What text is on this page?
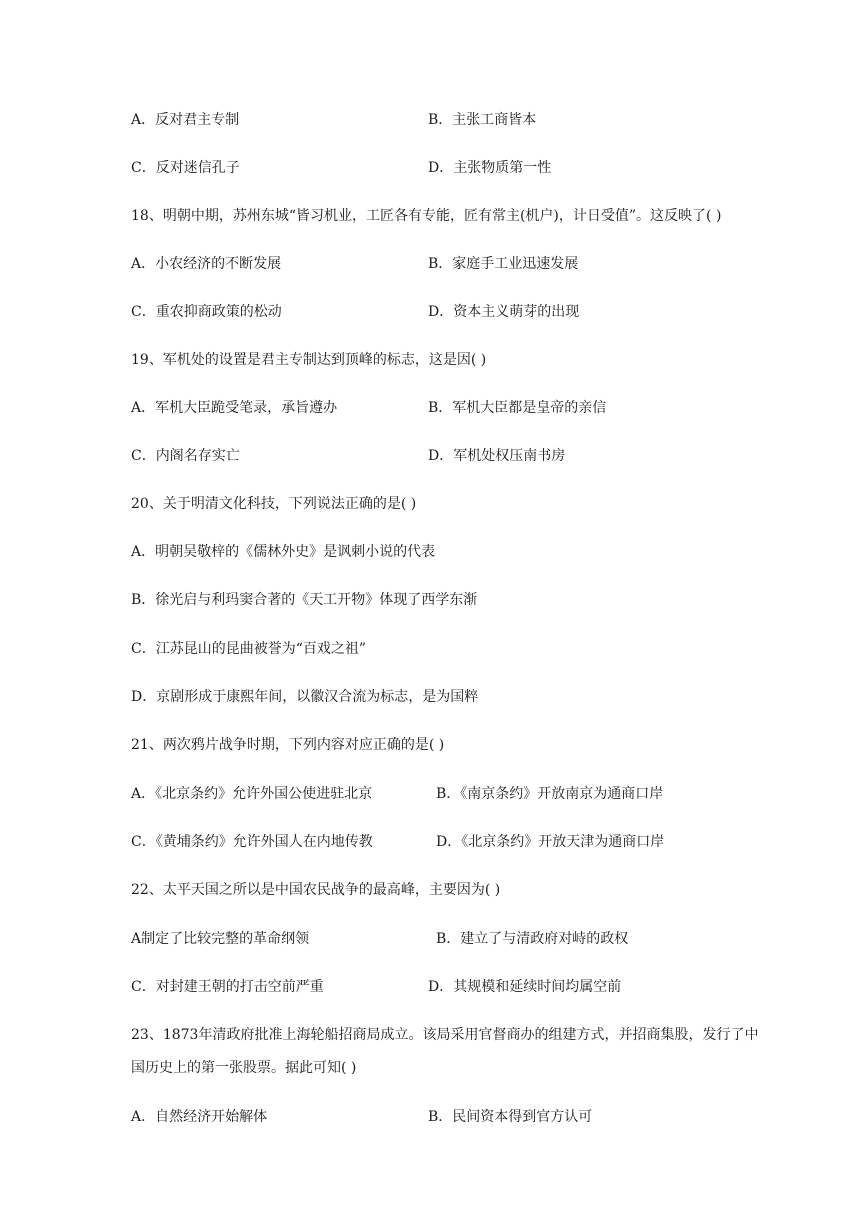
A．反对君主专制	B．主张工商皆本
C．反对迷信孔子	D．主张物质第一性
18、明朝中期，苏州东城“皆习机业，工匠各有专能，匠有常主(机户)，计日受值”。这反映了( )
A．小农经济的不断发展	B．家庭手工业迅速发展
C．重农抑商政策的松动	D．资本主义萌芽的出现
19、军机处的设置是君主专制达到顶峰的标志，这是因( )
A．军机大臣跪受笔录，承旨遵办	B．军机大臣都是皇帝的亲信
C．内阁名存实亡	D．军机处权压南书房
20、关于明清文化科技，下列说法正确的是( )
A．明朝吴敬梓的《儒林外史》是讽刺小说的代表
B．徐光启与利玛窦合著的《天工开物》体现了西学东渐
C．江苏昆山的昆曲被誉为“百戏之祖”
D．京剧形成于康熙年间，以徽汉合流为标志，是为国粹
21、两次鸦片战争时期，下列内容对应正确的是( )
A．《北京条约》允许外国公使进驻北京	B．《南京条约》开放南京为通商口岸
C．《黄埔条约》允许外国人在内地传教	D．《北京条约》开放天津为通商口岸
22、太平天国之所以是中国农民战争的最高峰，主要因为( )
A制定了比较完整的革命纲领	B．建立了与清政府对峙的政权
C．对封建王朝的打击空前严重	D．其规模和延续时间均属空前
23、1873年清政府批准上海轮船招商局成立。该局采用官督商办的组建方式，并招商集股，发行了中
国历史上的第一张股票。据此可知( )
A．自然经济开始解体	B．民间资本得到官方认可
